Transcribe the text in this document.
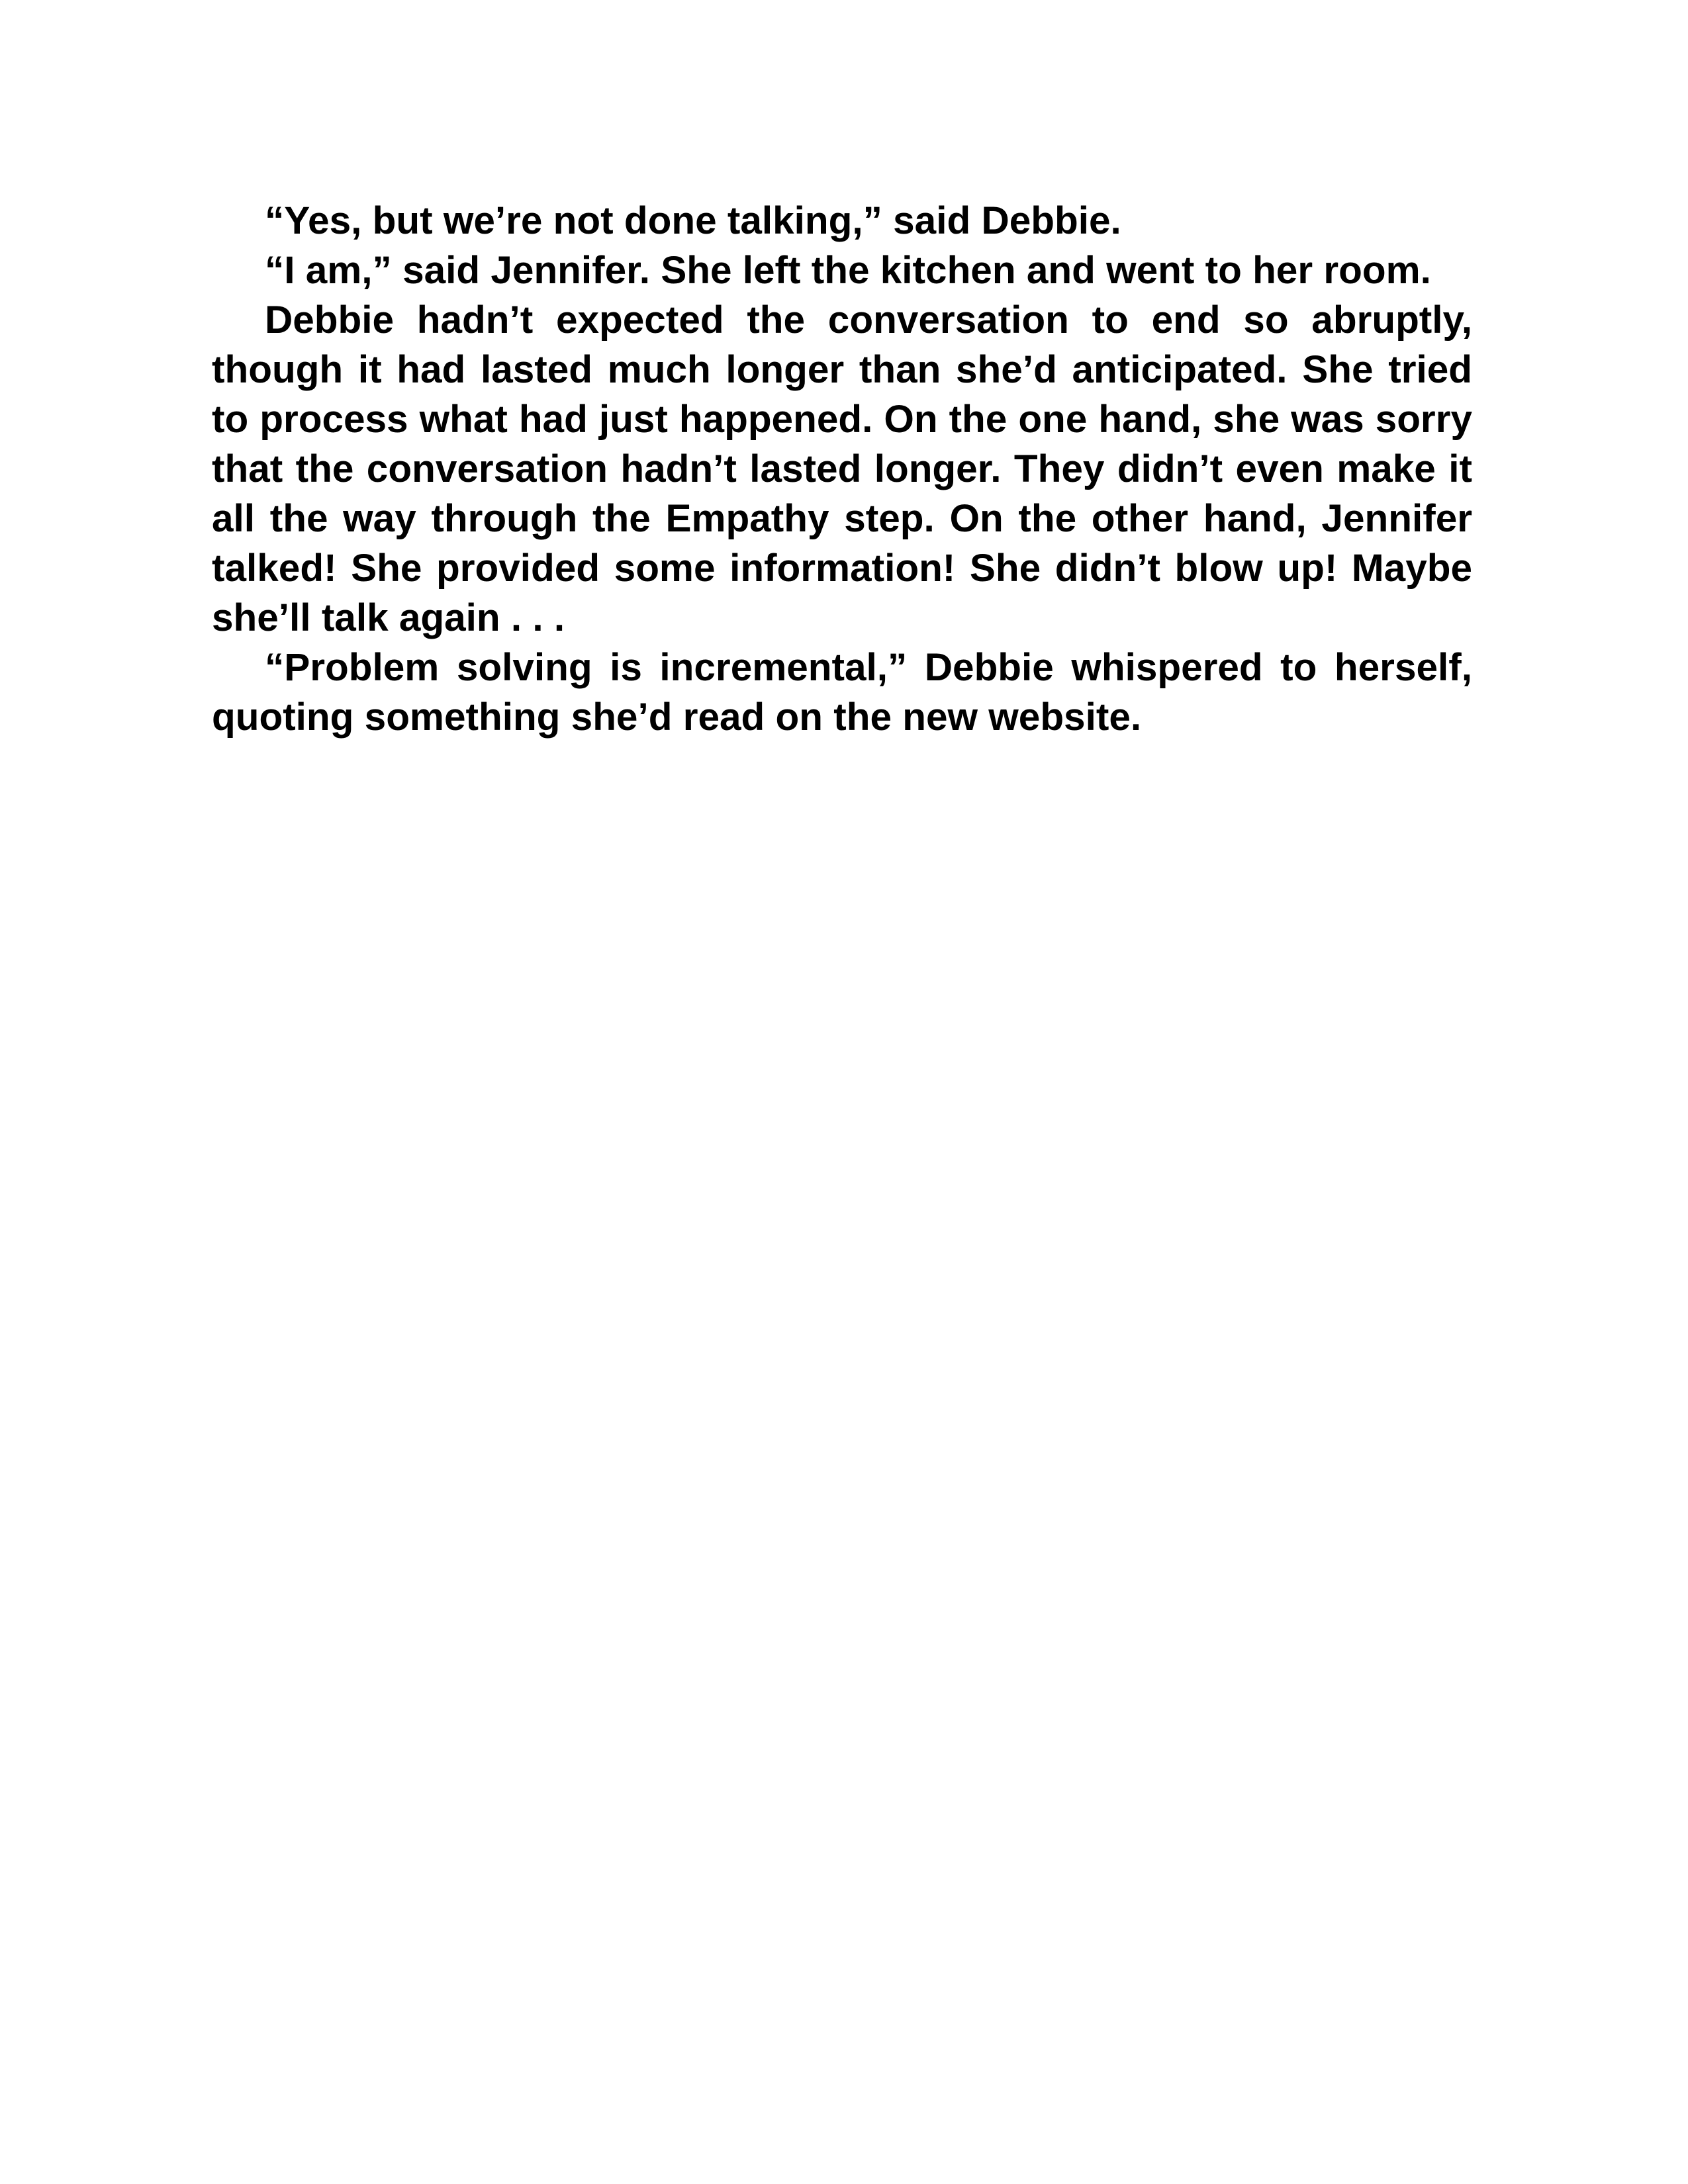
“Yes, but we’re not done talking,” said Debbie.

“I am,” said Jennifer. She left the kitchen and went to her room.

Debbie hadn’t expected the conversation to end so abruptly, though it had lasted much longer than she’d anticipated. She tried to process what had just happened. On the one hand, she was sorry that the conversation hadn’t lasted longer. They didn’t even make it all the way through the Empathy step. On the other hand, Jennifer talked! She provided some information! She didn’t blow up! Maybe she’ll talk again . . .

“Problem solving is incremental,” Debbie whispered to herself, quoting something she’d read on the new website.
